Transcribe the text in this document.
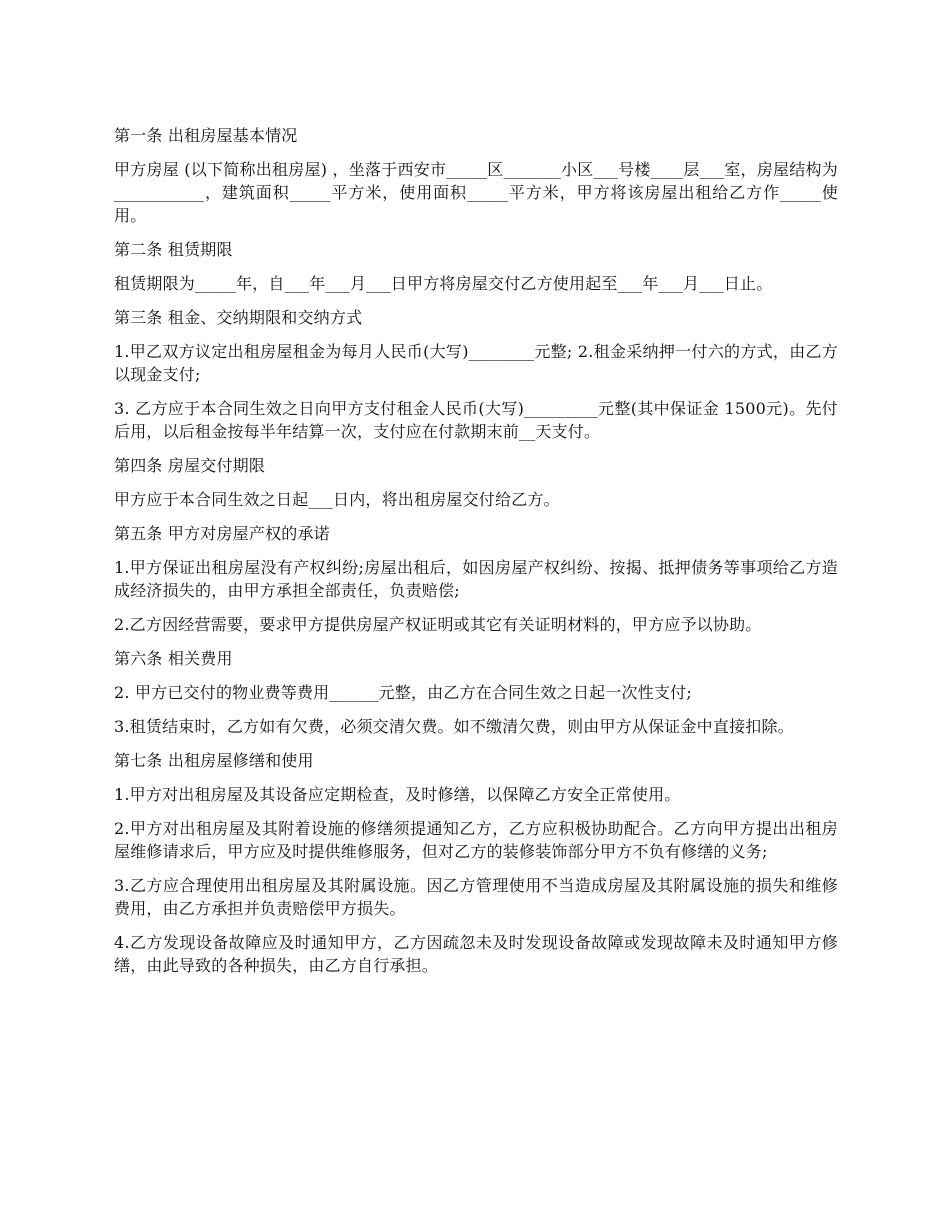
第一条 出租房屋基本情况

甲方房屋 (以下简称出租房屋) ，坐落于西安市_____区_______小区___号楼____层___室，房屋结构为___________，建筑面积_____平方米，使用面积_____平方米，甲方将该房屋出租给乙方作_____使用。

第二条 租赁期限

租赁期限为_____年，自___年___月___日甲方将房屋交付乙方使用起至___年___月___日止。

第三条 租金、交纳期限和交纳方式

1.甲乙双方议定出租房屋租金为每月人民币(大写)________元整; 2.租金采纳押一付六的方式，由乙方以现金支付;

3. 乙方应于本合同生效之日向甲方支付租金人民币(大写)_________元整(其中保证金 1500元)。先付后用，以后租金按每半年结算一次，支付应在付款期末前__天支付。

第四条 房屋交付期限

甲方应于本合同生效之日起___日内，将出租房屋交付给乙方。

第五条 甲方对房屋产权的承诺

1.甲方保证出租房屋没有产权纠纷;房屋出租后，如因房屋产权纠纷、按揭、抵押债务等事项给乙方造成经济损失的，由甲方承担全部责任，负责赔偿;

2.乙方因经营需要，要求甲方提供房屋产权证明或其它有关证明材料的，甲方应予以协助。

第六条 相关费用

2. 甲方已交付的物业费等费用______元整，由乙方在合同生效之日起一次性支付;

3.租赁结束时，乙方如有欠费，必须交清欠费。如不缴清欠费，则由甲方从保证金中直接扣除。

第七条 出租房屋修缮和使用

1.甲方对出租房屋及其设备应定期检查，及时修缮，以保障乙方安全正常使用。

2.甲方对出租房屋及其附着设施的修缮须提通知乙方，乙方应积极协助配合。乙方向甲方提出出租房屋维修请求后，甲方应及时提供维修服务，但对乙方的装修装饰部分甲方不负有修缮的义务;

3.乙方应合理使用出租房屋及其附属设施。因乙方管理使用不当造成房屋及其附属设施的损失和维修费用，由乙方承担并负责赔偿甲方损失。

4.乙方发现设备故障应及时通知甲方，乙方因疏忽未及时发现设备故障或发现故障未及时通知甲方修缮，由此导致的各种损失，由乙方自行承担。
